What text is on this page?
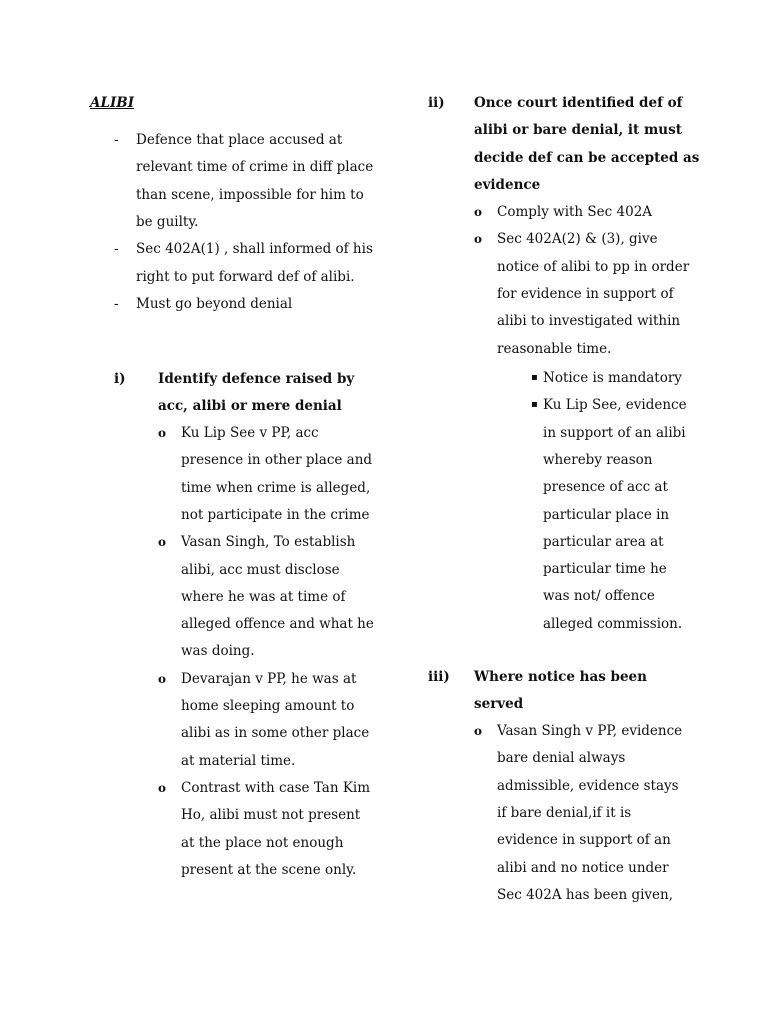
ALIBI
- Defence that place accused at
relevant time of crime in diff place
than scene, impossible for him to
be guilty.
- Sec 402A(1) , shall informed of his
right to put forward def of alibi.
- Must go beyond denial
i) Identify defence raised by
acc, alibi or mere denial
o Ku Lip See v PP, acc
presence in other place and
time when crime is alleged,
not participate in the crime
o Vasan Singh, To establish
alibi, acc must disclose
where he was at time of
alleged offence and what he
was doing.
o Devarajan v PP, he was at
home sleeping amount to
alibi as in some other place
at material time.
o Contrast with case Tan Kim
Ho, alibi must not present
at the place not enough
present at the scene only.
ii) Once court identified def of
alibi or bare denial, it must
decide def can be accepted as
evidence
o Comply with Sec 402A
o Sec 402A(2) & (3), give
notice of alibi to pp in order
for evidence in support of
alibi to investigated within
reasonable time.
▪ Notice is mandatory
▪ Ku Lip See, evidence
in support of an alibi
whereby reason
presence of acc at
particular place in
particular area at
particular time he
was not/ offence
alleged commission.
iii) Where notice has been
served
o Vasan Singh v PP, evidence
bare denial always
admissible, evidence stays
if bare denial,if it is
evidence in support of an
alibi and no notice under
Sec 402A has been given,
